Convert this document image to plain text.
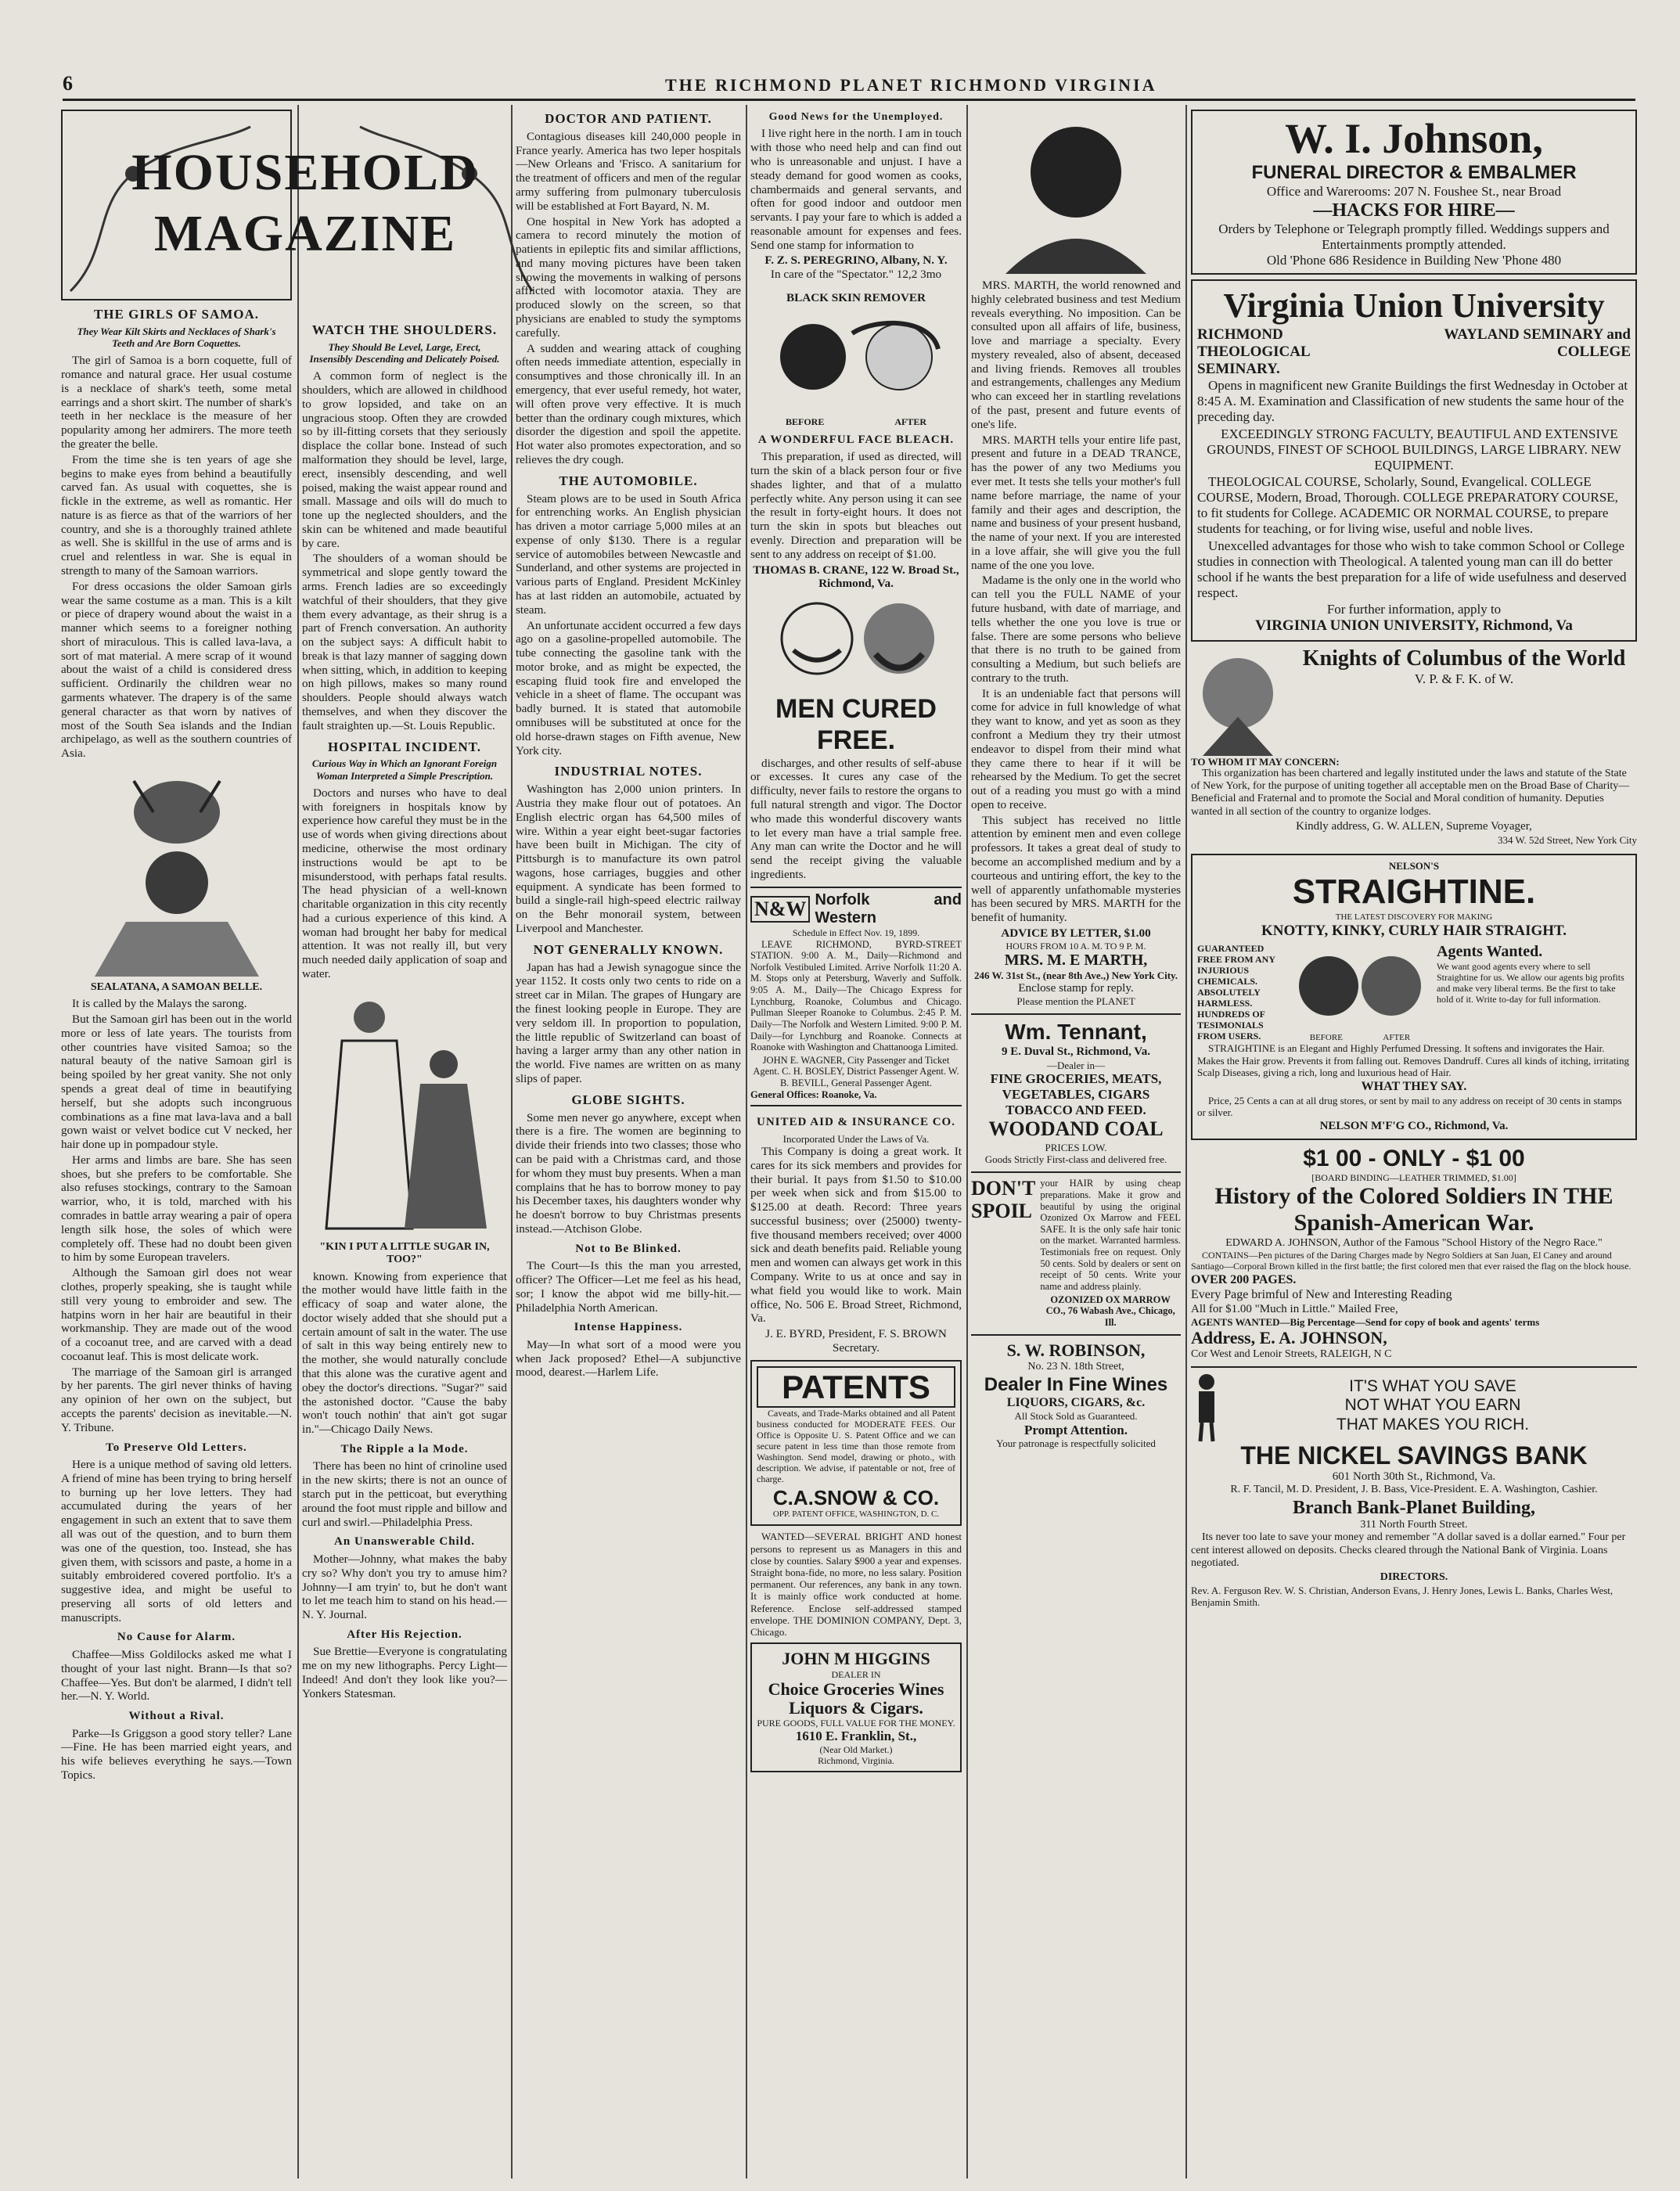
6	THE RICHMOND PLANET RICHMOND VIRGINIA
HOUSEHOLD MAGAZINE
THE GIRLS OF SAMOA.
They Wear Kilt Skirts and Necklaces of Shark's Teeth and Are Born Coquettes.

The girl of Samoa is a born coquette, full of romance and natural grace. Her usual costume is a necklace of shark's teeth, some metal earrings and a short skirt. The number of shark's teeth in her necklace is the measure of her popularity among her admirers. The more teeth the greater the belle.

From the time she is ten years of age she begins to make eyes from behind a beautifully carved fan. As usual with coquettes, she is fickle in the extreme, as well as romantic. Her nature is as fierce as that of the warriors of her country, and she is a thoroughly trained athlete as well. She is skillful in the use of arms and is cruel and relentless in war. She is equal in strength to many of the Samoan warriors.

For dress occasions the older Samoan girls wear the same costume as a man. This is a kilt or piece of drapery wound about the waist in a manner which seems to a foreigner nothing short of miraculous. This is called lava-lava, a sort of mat material. A mere scrap of it wound about the waist of a child is considered dress sufficient. Ordinarily the children wear no garments whatever. The drapery is of the same general character as that worn by natives of most of the South Sea islands and the Indian archipelago, as well as the southern countries of Asia.

SEALATANA, A SAMOAN BELLE.

It is called by the Malays the sarong.

But the Samoan girl has been out in the world more or less of late years. The tourists from other countries have visited Samoa; so the natural beauty of the native Samoan girl is being spoiled by her great vanity. She not only spends a great deal of time in beautifying herself, but she adopts such incongruous combinations as a fine mat lava-lava and a ball gown waist or velvet bodice cut V necked, her hair done up in pompadour style.

Her arms and limbs are bare. She has seen shoes, but she prefers to be comfortable. She also refuses stockings, contrary to the Samoan warrior, who, it is told, marched with his comrades in battle array wearing a pair of opera length silk hose, the soles of which were completely off. These had no doubt been given to him by some European travelers.

Although the Samoan girl does not wear clothes, properly speaking, she is taught while still very young to embroider and sew. The hatpins worn in her hair are beautiful in their workmanship. They are made out of the wood of a cocoanut tree, and are carved with a dead cocoanut leaf. This is most delicate work.

The marriage of the Samoan girl is arranged by her parents. The girl never thinks of having any opinion of her own on the subject, but accepts the parents' decision as inevitable.—N. Y. Tribune.

To Preserve Old Letters.

Here is a unique method of saving old letters. A friend of mine has been trying to bring herself to burning up her love letters. They had accumulated during the years of her engagement in such an extent that to save them all was out of the question, and to burn them was one of the question, too. Instead, she has given them, with scissors and paste, a home in a suitably embroidered covered portfolio. It's a suggestive idea, and might be useful to preserving all sorts of old letters and manuscripts.

No Cause for Alarm.

Chaffee—Miss Goldilocks asked me what I thought of your last night. Brann—Is that so? Chaffee—Yes. But don't be alarmed, I didn't tell her.—N. Y. World.

Without a Rival.

Parke—Is Griggson a good story teller? Lane—Fine. He has been married eight years, and his wife believes everything he says.—Town Topics.

WATCH THE SHOULDERS.
They Should Be Level, Large, Erect, Insensibly Descending and Delicately Poised.

A common form of neglect is the shoulders, which are allowed in childhood to grow lopsided, and take on an ungracious stoop. Often they are crowded so by ill-fitting corsets that they seriously displace the collar bone. Instead of such malformation they should be level, large, erect, insensibly descending, and well poised, making the waist appear round and small. Massage and oils will do much to tone up the neglected shoulders, and the skin can be whitened and made beautiful by care.

The shoulders of a woman should be symmetrical and slope gently toward the arms. French ladies are so exceedingly watchful of their shoulders, that they give them every advantage, as their shrug is a part of French conversation. An authority on the subject says: A difficult habit to break is that lazy manner of sagging down when sitting, which, in addition to keeping on high pillows, makes so many round shoulders. People should always watch themselves, and when they discover the fault straighten up.—St. Louis Republic.

HOSPITAL INCIDENT.
Curious Way in Which an Ignorant Foreign Woman Interpreted a Simple Prescription.

Doctors and nurses who have to deal with foreigners in hospitals know by experience how careful they must be in the use of words when giving directions about medicine, otherwise the most ordinary instructions would be apt to be misunderstood, with perhaps fatal results. The head physician of a well-known charitable organization in this city recently had a curious experience of this kind. A woman had brought her baby for medical attention. It was not really ill, but very much needed daily application of soap and water.

"KIN I PUT A LITTLE SUGAR IN, TOO?"

known. Knowing from experience that the mother would have little faith in the efficacy of soap and water alone, the doctor wisely added that she should put a certain amount of salt in the water. The use of salt in this way being entirely new to the mother, she would naturally conclude that this alone was the curative agent and obey the doctor's directions. "Sugar?" said the astonished doctor. "Cause the baby won't touch nothin' that ain't got sugar in."—Chicago Daily News.

The Ripple a la Mode.

There has been no hint of crinoline used in the new skirts; there is not an ounce of starch put in the petticoat, but everything around the foot must ripple and billow and curl and swirl.—Philadelphia Press.

An Unanswerable Child.

Mother—Johnny, what makes the baby cry so? Why don't you try to amuse him? Johnny—I am tryin' to, but he don't want to let me teach him to stand on his head.—N. Y. Journal.

After His Rejection.

Sue Brettie—Everyone is congratulating me on my new lithographs. Percy Light—Indeed! And don't they look like you?—Yonkers Statesman.

DOCTOR AND PATIENT.

Contagious diseases kill 240,000 people in France yearly. America has two leper hospitals—New Orleans and 'Frisco. A sanitarium for the treatment of officers and men of the regular army suffering from pulmonary tuberculosis will be established at Fort Bayard, N. M.

One hospital in New York has adopted a camera to record minutely the motion of patients in epileptic fits and similar afflictions, and many moving pictures have been taken showing the movements in walking of persons afflicted with locomotor ataxia. They are produced slowly on the screen, so that physicians are enabled to study the symptoms carefully.

A sudden and wearing attack of coughing often needs immediate attention, especially in consumptives and those chronically ill. In an emergency, that ever useful remedy, hot water, will often prove very effective. It is much better than the ordinary cough mixtures, which disorder the digestion and spoil the appetite. Hot water also promotes expectoration, and so relieves the dry cough.

THE AUTOMOBILE.

Steam plows are to be used in South Africa for entrenching works. An English physician has driven a motor carriage 5,000 miles at an expense of only $130. There is a regular service of automobiles between Newcastle and Sunderland, and other systems are projected in various parts of England. President McKinley has at last ridden an automobile, actuated by steam.

An unfortunate accident occurred a few days ago on a gasoline-propelled automobile. The tube connecting the gasoline tank with the motor broke, and as might be expected, the escaping fluid took fire and enveloped the vehicle in a sheet of flame. The occupant was badly burned. It is stated that automobile omnibuses will be substituted at once for the old horse-drawn stages on Fifth avenue, New York city.

INDUSTRIAL NOTES.

Washington has 2,000 union printers. In Austria they make flour out of potatoes. An English electric organ has 64,500 miles of wire. Within a year eight beet-sugar factories have been built in Michigan. The city of Pittsburgh is to manufacture its own patrol wagons, hose carriages, buggies and other equipment. A syndicate has been formed to build a single-rail high-speed electric railway on the Behr monorail system, between Liverpool and Manchester.

NOT GENERALLY KNOWN.

Japan has had a Jewish synagogue since the year 1152. It costs only two cents to ride on a street car in Milan. The grapes of Hungary are the finest looking people in Europe. They are very seldom ill. In proportion to population, the little republic of Switzerland can boast of having a larger army than any other nation in the world. Five names are written on as many slips of paper.

GLOBE SIGHTS.

Some men never go anywhere, except when there is a fire. The women are beginning to divide their friends into two classes; those who can be paid with a Christmas card, and those for whom they must buy presents. When a man complains that he has to borrow money to pay his December taxes, his daughters wonder why he doesn't borrow to buy Christmas presents instead.—Atchison Globe.

Not to Be Blinked.

The Court—Is this the man you arrested, officer? The Officer—Let me feel as his head, sor; I know the abpot wid me billy-hit.—Philadelphia North American.

Intense Happiness.

May—In what sort of a mood were you when Jack proposed? Ethel—A subjunctive mood, dearest.—Harlem Life.

Good News for the Unemployed.

I live right here in the north. I am in touch with those who need help and can find out who is unreasonable and unjust. I have a steady demand for good women as cooks, chambermaids and general servants, and often for good indoor and outdoor men servants. I pay your fare to which is added a reasonable amount for expenses and fees. Send one stamp for information to

F. Z. S. PEREGRINO, Albany, N. Y.
In care of the "Spectator." 12,2 3mo
BLACK SKIN REMOVER
BEFORE	AFTER
A WONDERFUL FACE BLEACH.

This preparation, if used as directed, will turn the skin of a black person four or five shades lighter, and that of a mulatto perfectly white. Any person using it can see the result in forty-eight hours. It does not turn the skin in spots but bleaches out evenly. Direction and preparation will be sent to any address on receipt of $1.00.

THOMAS B. CRANE, 122 W. Broad St., Richmond, Va.
MEN CURED FREE.

discharges, and other results of self-abuse or excesses. It cures any case of the difficulty, never fails to restore the organs to full natural strength and vigor. The Doctor who made this wonderful discovery wants to let every man have a trial sample free. Any man can write the Doctor and he will send the receipt giving the valuable ingredients.

N&W Norfolk and Western
Schedule in Effect Nov. 19, 1899.

LEAVE RICHMOND, BYRD-STREET STATION. 9:00 A. M., Daily—Richmond and Norfolk Vestibuled Limited. Arrive Norfolk 11:20 A. M. Stops only at Petersburg, Waverly and Suffolk. 9:05 A. M., Daily—The Chicago Express for Lynchburg, Roanoke, Columbus and Chicago. Pullman Sleeper Roanoke to Columbus. 2:45 P. M. Daily—The Norfolk and Western Limited. 9:00 P. M. Daily—for Lynchburg and Roanoke. Connects at Roanoke with Washington and Chattanooga Limited.

JOHN E. WAGNER, City Passenger and Ticket Agent. C. H. BOSLEY, District Passenger Agent. W. B. BEVILL, General Passenger Agent.
General Offices: Roanoke, Va.
UNITED AID & INSURANCE CO.
Incorporated Under the Laws of Va.

This Company is doing a great work. It cares for its sick members and provides for their burial. It pays from $1.50 to $10.00 per week when sick and from $15.00 to $125.00 at death. Record: Three years successful business; over (25000) twenty-five thousand members received; over 4000 sick and death benefits paid. Reliable young men and women can always get work in this Company. Write to us at once and say in what field you would like to work. Main office, No. 506 E. Broad Street, Richmond, Va.

J. E. BYRD, President, F. S. BROWN Secretary.
PATENTS

Caveats, and Trade-Marks obtained and all Patent business conducted for MODERATE FEES. Our Office is Opposite U. S. Patent Office and we can secure patent in less time than those remote from Washington. Send model, drawing or photo., with description. We advise, if patentable or not, free of charge.

C.A.SNOW & CO.
OPP. PATENT OFFICE, WASHINGTON, D. C.

WANTED—SEVERAL BRIGHT AND honest persons to represent us as Managers in this and close by counties. Salary $900 a year and expenses. Straight bona-fide, no more, no less salary. Position permanent. Our references, any bank in any town. It is mainly office work conducted at home. Reference. Enclose self-addressed stamped envelope. THE DOMINION COMPANY, Dept. 3, Chicago.

JOHN M HIGGINS
DEALER IN
Choice Groceries Wines Liquors & Cigars.
PURE GOODS, FULL VALUE FOR THE MONEY.
1610 E. Franklin, St.,
(Near Old Market.)
Richmond, Virginia.

MRS. MARTH, the world renowned and highly celebrated business and test Medium reveals everything. No imposition. Can be consulted upon all affairs of life, business, love and marriage a specialty. Every mystery revealed, also of absent, deceased and living friends. Removes all troubles and estrangements, challenges any Medium who can exceed her in startling revelations of the past, present and future events of one's life.

MRS. MARTH tells your entire life past, present and future in a DEAD TRANCE, has the power of any two Mediums you ever met. It tests she tells your mother's full name before marriage, the name of your family and their ages and description, the name and business of your present husband, the name of your next. If you are interested in a love affair, she will give you the full name of the one you love.

Madame is the only one in the world who can tell you the FULL NAME of your future husband, with date of marriage, and tells whether the one you love is true or false. There are some persons who believe that there is no truth to be gained from consulting a Medium, but such beliefs are contrary to the truth.

It is an undeniable fact that persons will come for advice in full knowledge of what they want to know, and yet as soon as they confront a Medium they try their utmost endeavor to dispel from their mind what they came there to hear if it will be rehearsed by the Medium. To get the secret out of a reading you must go with a mind open to receive.

This subject has received no little attention by eminent men and even college professors. It takes a great deal of study to become an accomplished medium and by a courteous and untiring effort, the key to the well of apparently unfathomable mysteries has been secured by MRS. MARTH for the benefit of humanity.

ADVICE BY LETTER, $1.00
HOURS FROM 10 A. M. TO 9 P. M.
MRS. M. E MARTH,
246 W. 31st St., (near 8th Ave.,) New York City.
Enclose stamp for reply.
Please mention the PLANET
Wm. Tennant,
9 E. Duval St., Richmond, Va.
—Dealer in—
FINE GROCERIES, MEATS, VEGETABLES, CIGARS TOBACCO AND FEED.
WOODAND COAL
PRICES LOW.
Goods Strictly First-class and delivered free.
DON'T
SPOIL

your HAIR by using cheap preparations. Make it grow and beautiful by using the original Ozonized Ox Marrow and FEEL SAFE. It is the only safe hair tonic on the market. Warranted harmless. Testimonials free on request. Only 50 cents. Sold by dealers or sent on receipt of 50 cents. Write your name and address plainly.

OZONIZED OX MARROW CO., 76 Wabash Ave., Chicago, Ill.
S. W. ROBINSON,
No. 23 N. 18th Street,
Dealer In Fine Wines
LIQUORS, CIGARS, &c.
All Stock Sold as Guaranteed.
Prompt Attention.
Your patronage is respectfully solicited
W. I. Johnson,
FUNERAL DIRECTOR & EMBALMER
Office and Warerooms: 207 N. Foushee St., near Broad
—HACKS FOR HIRE—
Orders by Telephone or Telegraph promptly filled. Weddings suppers and Entertainments promptly attended.
Old 'Phone 686 Residence in Building New 'Phone 480
Virginia Union University
RICHMOND THEOLOGICAL SEMINARY.
WAYLAND SEMINARY and COLLEGE

Opens in magnificent new Granite Buildings the first Wednesday in October at 8:45 A. M. Examination and Classification of new students the same hour of the preceding day.

EXCEEDINGLY STRONG FACULTY, BEAUTIFUL AND EXTENSIVE GROUNDS, FINEST OF SCHOOL BUILDINGS, LARGE LIBRARY. NEW EQUIPMENT.

THEOLOGICAL COURSE, Scholarly, Sound, Evangelical. COLLEGE COURSE, Modern, Broad, Thorough. COLLEGE PREPARATORY COURSE, to fit students for College. ACADEMIC OR NORMAL COURSE, to prepare students for teaching, or for living wise, useful and noble lives.

Unexcelled advantages for those who wish to take common School or College studies in connection with Theological. A talented young man can ill do better school if he wants the best preparation for a life of wide usefulness and deserved respect.

For further information, apply to
VIRGINIA UNION UNIVERSITY, Richmond, Va
Knights of Columbus of the World
V. P. & F. K. of W.
TO WHOM IT MAY CONCERN:

This organization has been chartered and legally instituted under the laws and statute of the State of New York, for the purpose of uniting together all acceptable men on the Broad Base of Charity—Beneficial and Fraternal and to promote the Social and Moral condition of humanity. Deputies wanted in all section of the country to organize lodges.

Kindly address, G. W. ALLEN, Supreme Voyager,
334 W. 52d Street, New York City
NELSON'S
STRAIGHTINE.
THE LATEST DISCOVERY FOR MAKING
KNOTTY, KINKY, CURLY HAIR STRAIGHT.
GUARANTEED FREE FROM ANY INJURIOUS CHEMICALS. ABSOLUTELY HARMLESS. HUNDREDS OF TESIMONIALS FROM USERS.	BEFORE	AFTER
Agents Wanted.
We want good agents every where to sell Straightine for us. We allow our agents big profits and make very liberal terms. Be the first to take hold of it. Write to-day for full information.

STRAIGHTINE is an Elegant and Highly Perfumed Dressing. It softens and invigorates the Hair. Makes the Hair grow. Prevents it from falling out. Removes Dandruff. Cures all kinds of itching, irritating Scalp Diseases, giving a rich, long and luxurious head of Hair.

WHAT THEY SAY.

Price, 25 Cents a can at all drug stores, or sent by mail to any address on receipt of 30 cents in stamps or silver.

NELSON M'F'G CO., Richmond, Va.
$1 00 - ONLY - $1 00
[BOARD BINDING—LEATHER TRIMMED, $1.00]
History of the Colored Soldiers IN THE Spanish-American War.
EDWARD A. JOHNSON, Author of the Famous "School History of the Negro Race."

CONTAINS—Pen pictures of the Daring Charges made by Negro Soldiers at San Juan, El Caney and around Santiago—Corporal Brown killed in the first battle; the first colored men that ever raised the flag on the block house.

OVER 200 PAGES.
Every Page brimful of New and Interesting Reading
All for $1.00 "Much in Little." Mailed Free,
AGENTS WANTED—Big Percentage—Send for copy of book and agents' terms
Address, E. A. JOHNSON,
Cor West and Lenoir Streets, RALEIGH, N C
IT'S WHAT YOU SAVE
NOT WHAT YOU EARN
THAT MAKES YOU RICH.
THE NICKEL SAVINGS BANK
601 North 30th St., Richmond, Va.
R. F. Tancil, M. D. President, J. B. Bass, Vice-President. E. A. Washington, Cashier.
Branch Bank-Planet Building,
311 North Fourth Street.

Its never too late to save your money and remember "A dollar saved is a dollar earned." Four per cent interest allowed on deposits. Checks cleared through the National Bank of Virginia. Loans negotiated.

DIRECTORS.
Rev. A. Ferguson Rev. W. S. Christian, Anderson Evans, J. Henry Jones, Lewis L. Banks, Charles West, Benjamin Smith.
